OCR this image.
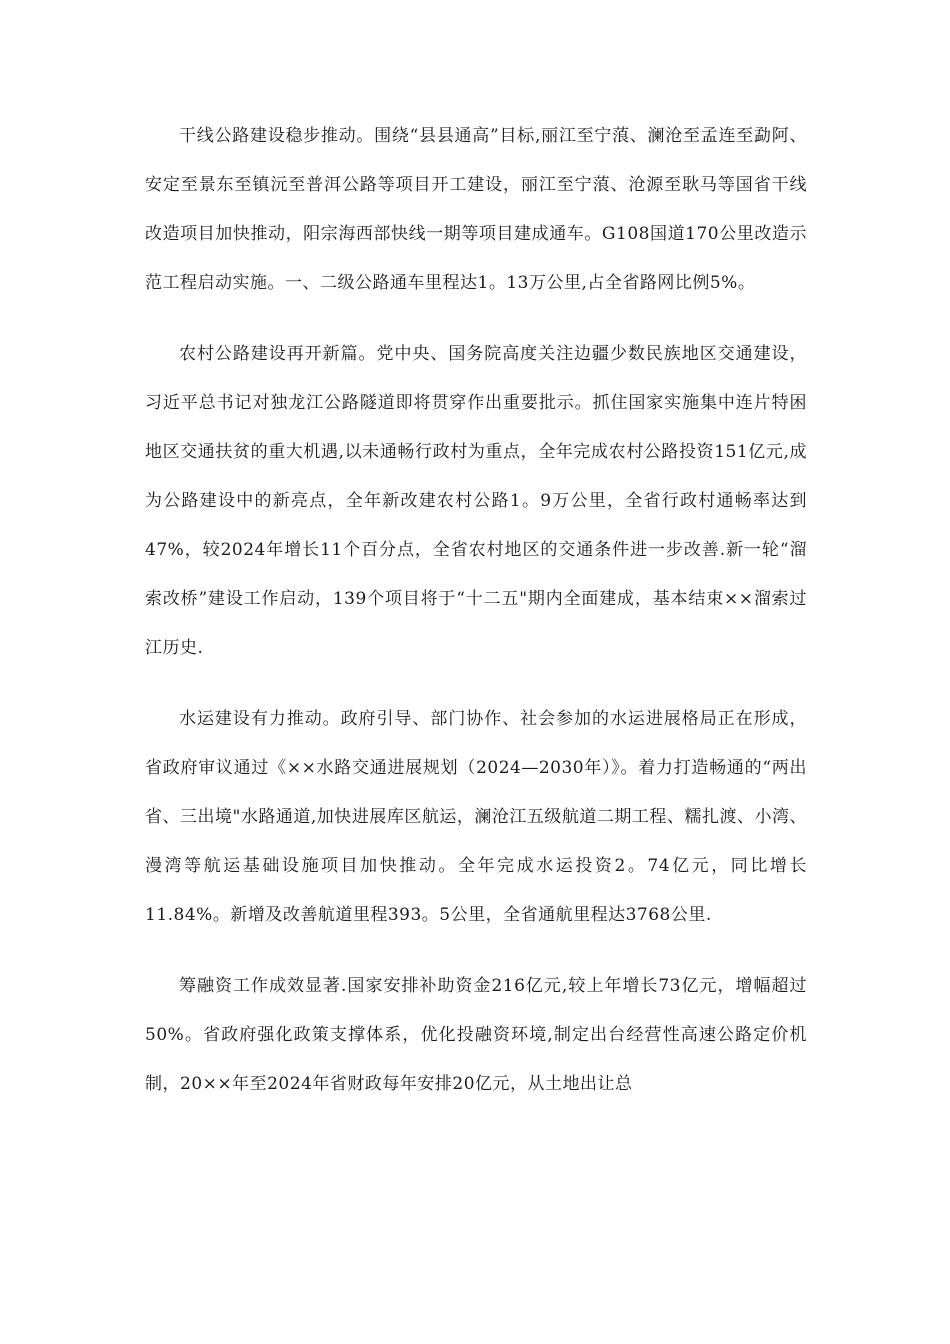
干线公路建设稳步推动。围绕“县县通高”目标,丽江至宁蒗、澜沧至孟连至勐阿、安定至景东至镇沅至普洱公路等项目开工建设，丽江至宁蒗、沧源至耿马等国省干线改造项目加快推动，阳宗海西部快线一期等项目建成通车。G108国道170公里改造示范工程启动实施。一、二级公路通车里程达1。13万公里,占全省路网比例5%。

农村公路建设再开新篇。党中央、国务院高度关注边疆少数民族地区交通建设，习近平总书记对独龙江公路隧道即将贯穿作出重要批示。抓住国家实施集中连片特困地区交通扶贫的重大机遇,以未通畅行政村为重点，全年完成农村公路投资151亿元,成为公路建设中的新亮点，全年新改建农村公路1。9万公里，全省行政村通畅率达到47%，较2024年增长11个百分点，全省农村地区的交通条件进一步改善.新一轮“溜索改桥”建设工作启动，139个项目将于“十二五"期内全面建成，基本结束××溜索过江历史.

水运建设有力推动。政府引导、部门协作、社会参加的水运进展格局正在形成，省政府审议通过《××水路交通进展规划（2024—2030年）》。着力打造畅通的“两出省、三出境"水路通道,加快进展库区航运，澜沧江五级航道二期工程、糯扎渡、小湾、漫湾等航运基础设施项目加快推动。全年完成水运投资2。74亿元，同比增长11.84%。新增及改善航道里程393。5公里，全省通航里程达3768公里.

筹融资工作成效显著.国家安排补助资金216亿元,较上年增长73亿元，增幅超过50%。省政府强化政策支撑体系，优化投融资环境,制定出台经营性高速公路定价机制，20××年至2024年省财政每年安排20亿元，从土地出让总
